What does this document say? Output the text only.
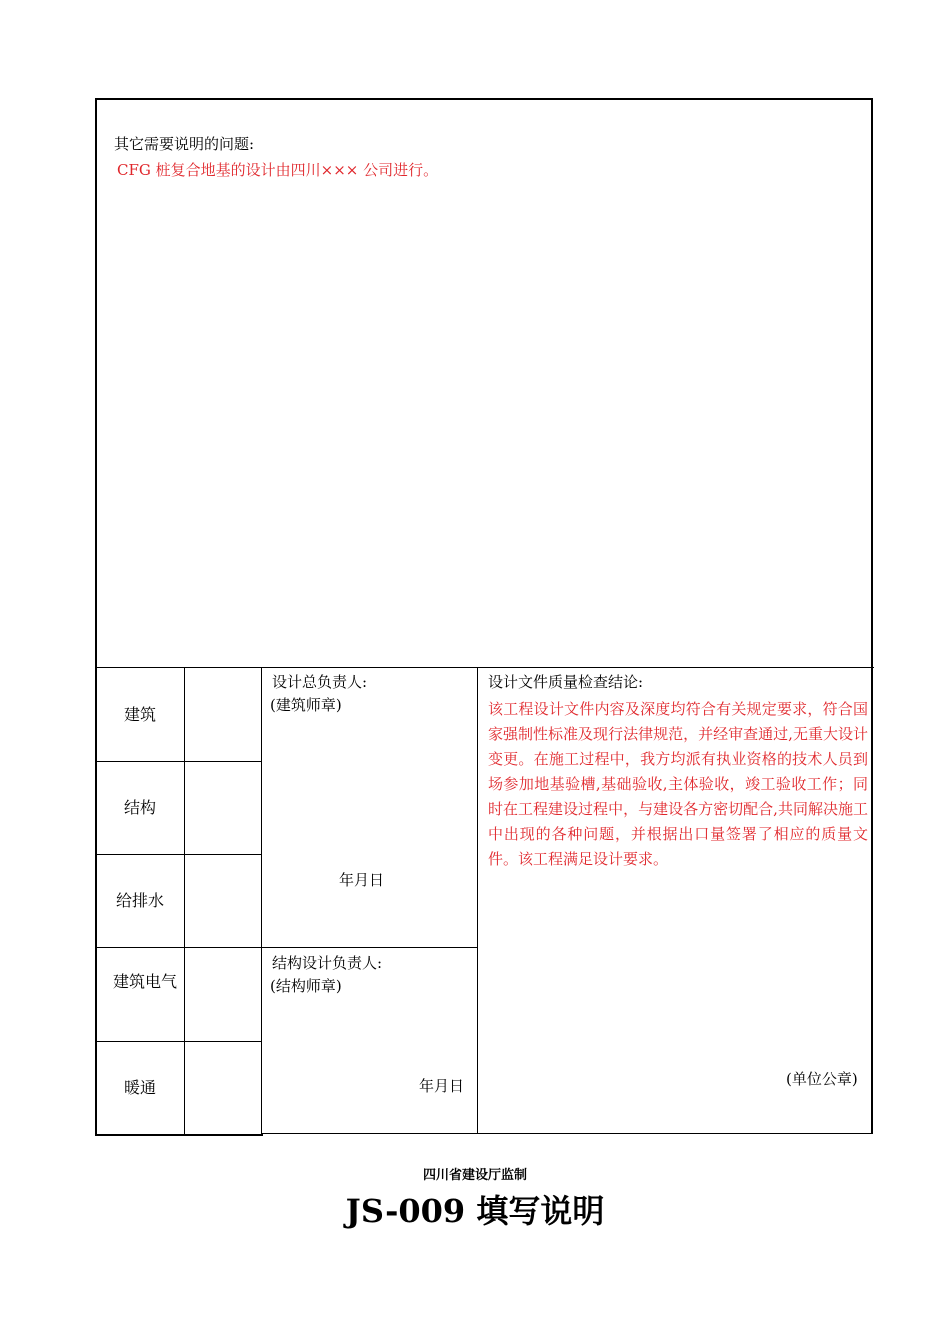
其它需要说明的问题:
CFG 桩复合地基的设计由四川××× 公司进行。
建筑
结构
给排水
建筑电气
暖通
设计总负责人:
(建筑师章)
年月日
结构设计负责人:
(结构师章)
年月日
设计文件质量检查结论:
该工程设计文件内容及深度均符合有关规定要求，符合国家强制性标准及现行法律规范，并经审查通过,无重大设计变更。在施工过程中，我方均派有执业资格的技术人员到场参加地基验槽,基础验收,主体验收，竣工验收工作；同时在工程建设过程中，与建设各方密切配合,共同解决施工中出现的各种问题，并根据出口量签署了相应的质量文件。该工程满足设计要求。
(单位公章)
四川省建设厅监制
JS-009 填写说明
